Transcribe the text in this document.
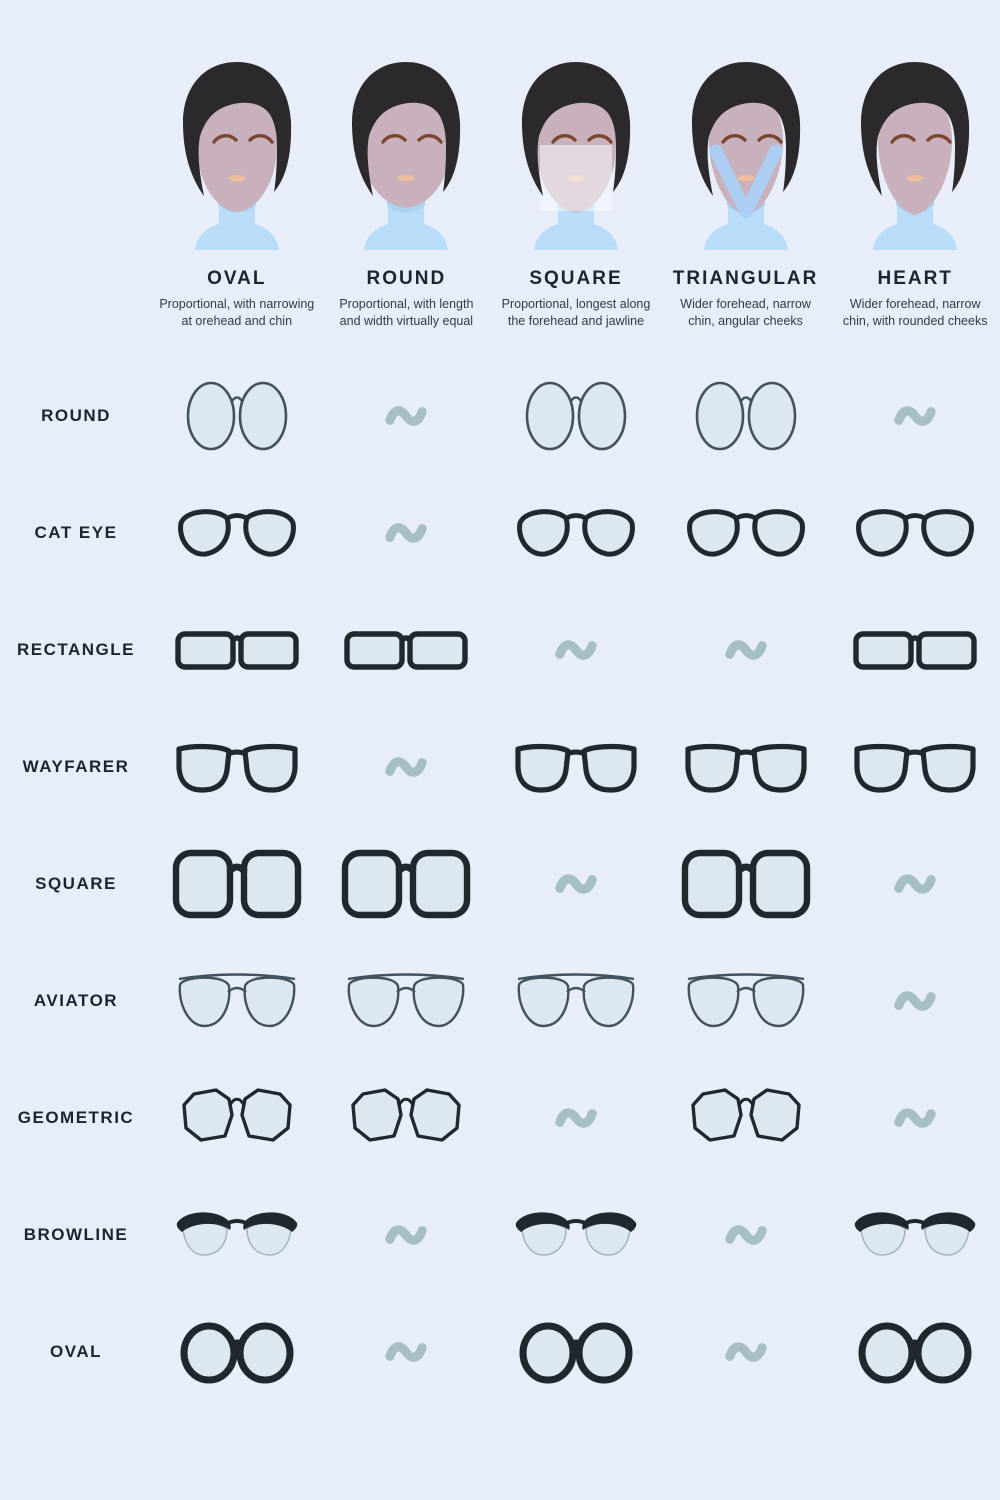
OVAL

Proportional, with narrowing at orehead and chin

ROUND

Proportional, with length and width virtually equal

SQUARE

Proportional, longest along the forehead and jawline

TRIANGULAR

Wider forehead, narrow chin, angular cheeks

HEART

Wider forehead, narrow chin, with rounded cheeks

ROUND
CAT EYE
RECTANGLE
WAYFARER
SQUARE
AVIATOR
GEOMETRIC
BROWLINE
OVAL
